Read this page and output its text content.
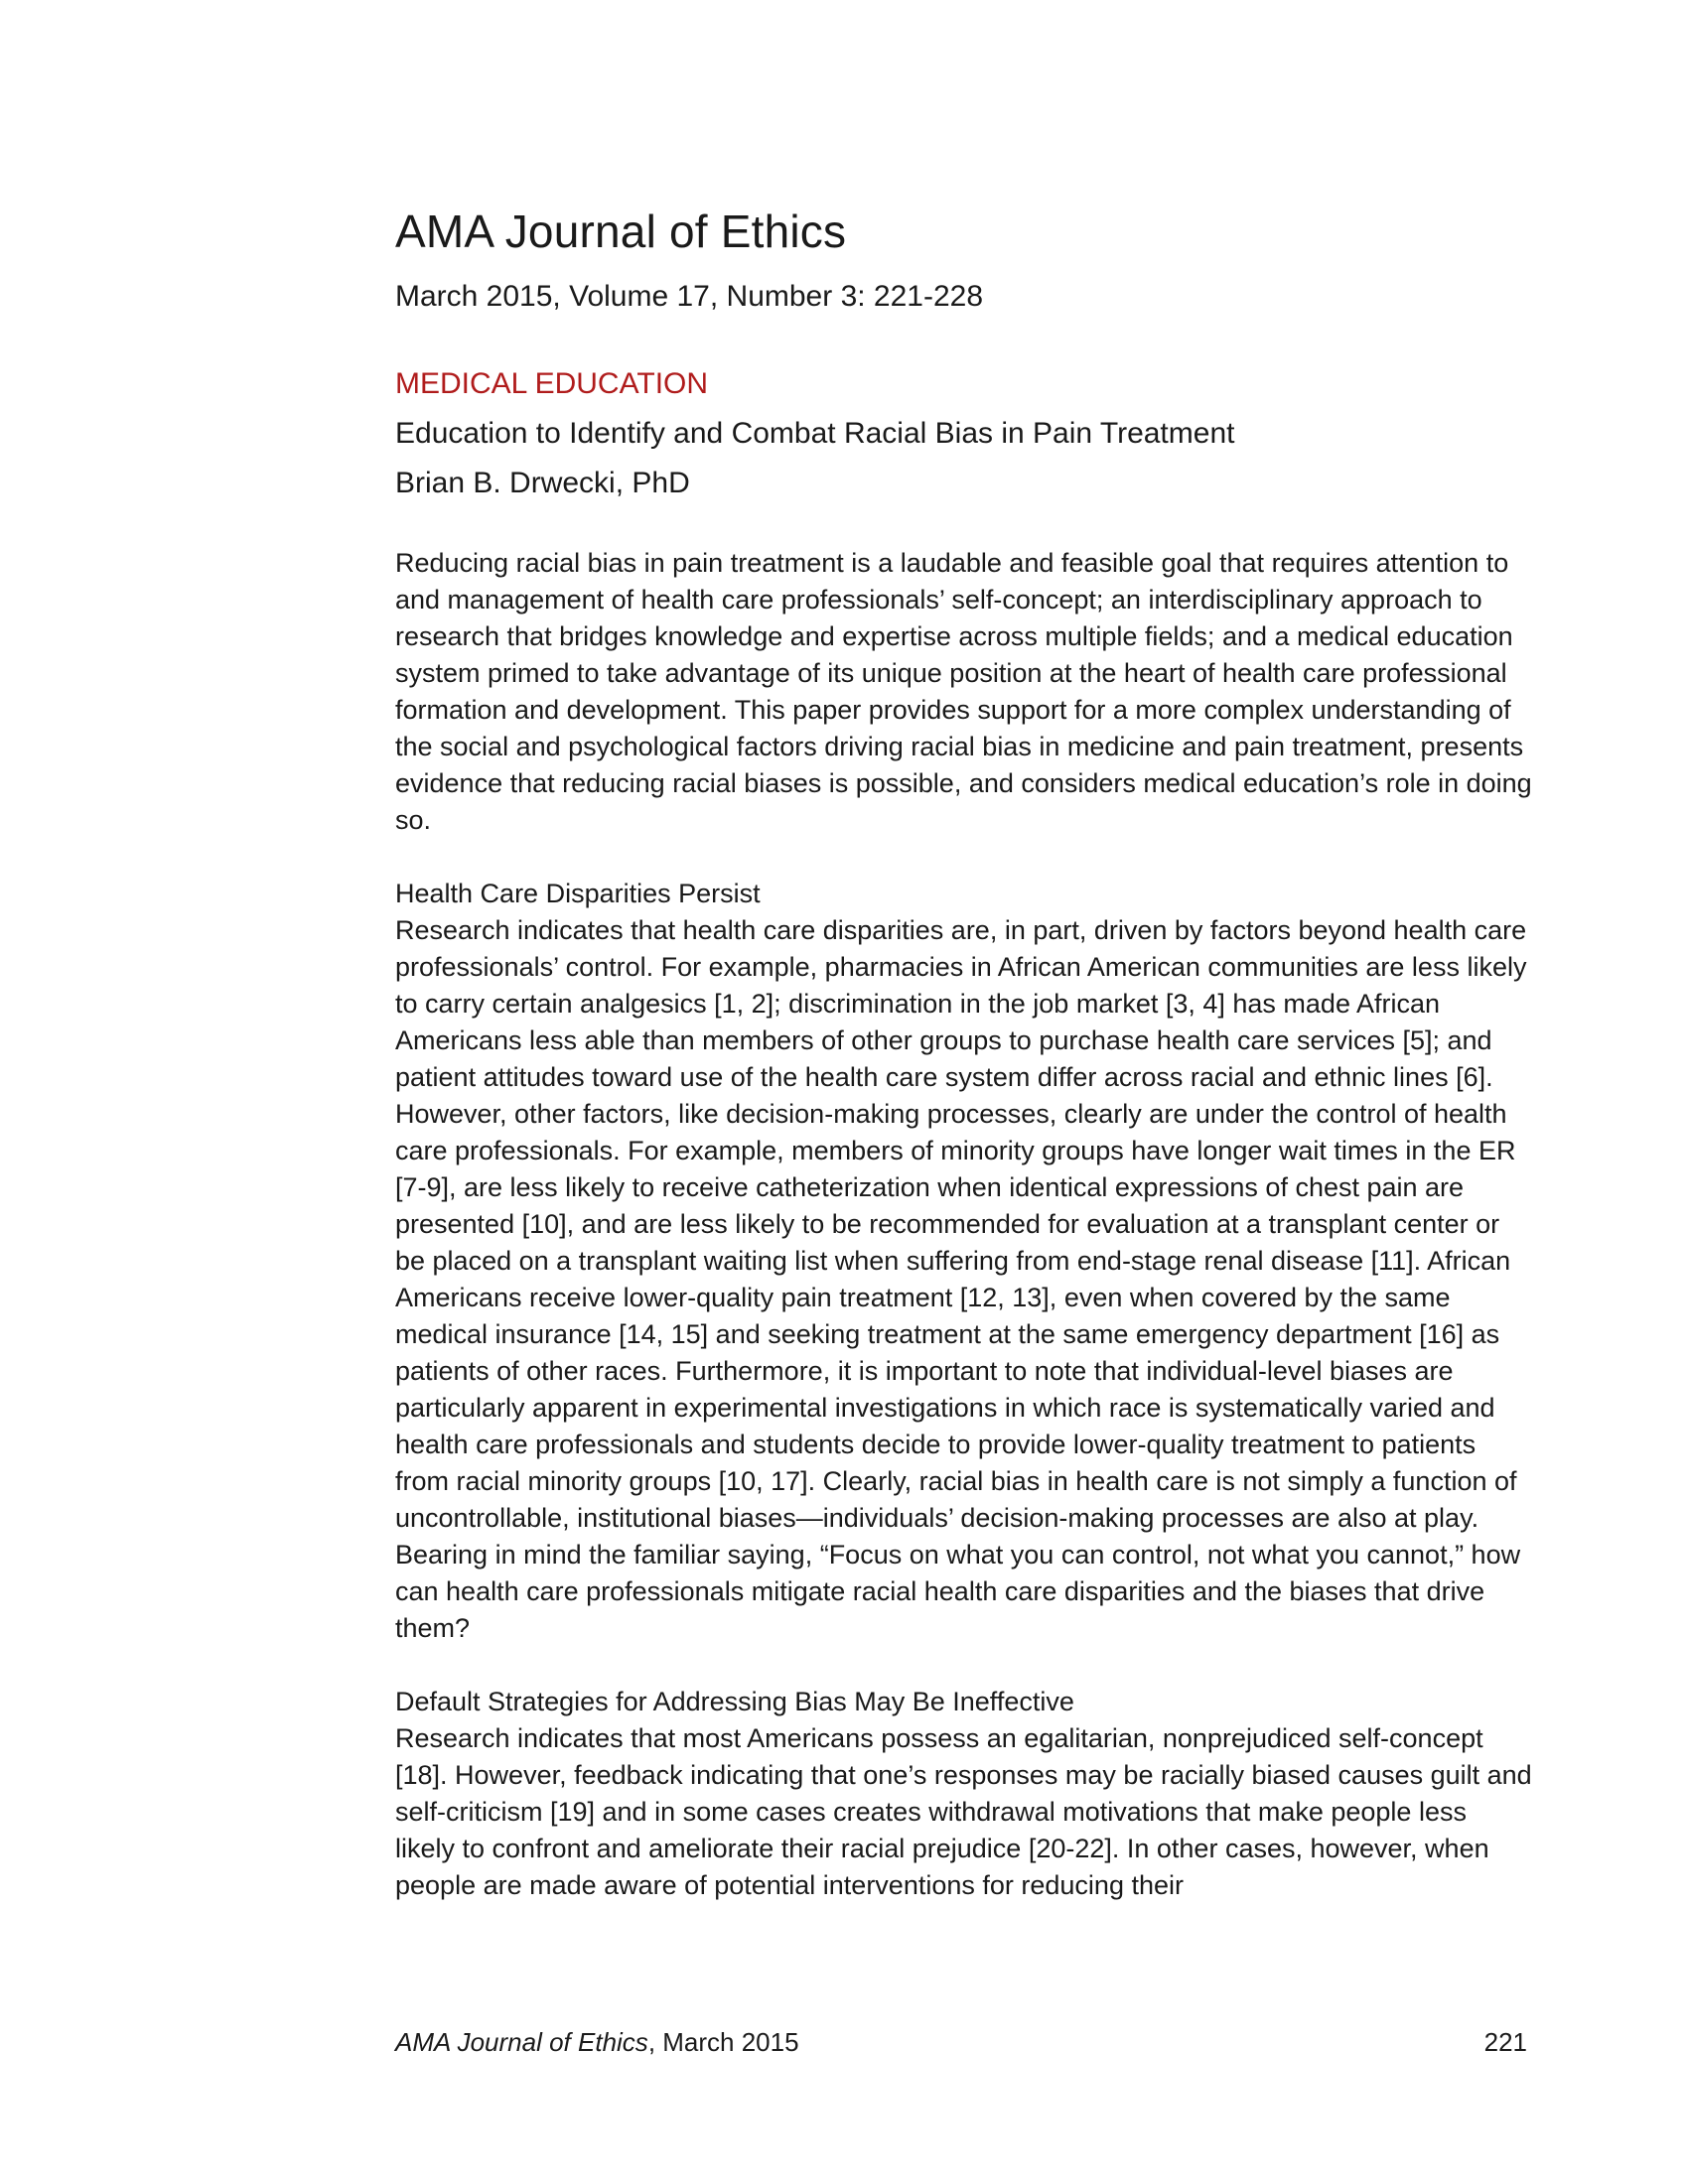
AMA Journal of Ethics
March 2015, Volume 17, Number 3: 221-228
MEDICAL EDUCATION
Education to Identify and Combat Racial Bias in Pain Treatment
Brian B. Drwecki, PhD

Reducing racial bias in pain treatment is a laudable and feasible goal that requires attention to and management of health care professionals’ self-concept; an interdisciplinary approach to research that bridges knowledge and expertise across multiple fields; and a medical education system primed to take advantage of its unique position at the heart of health care professional formation and development. This paper provides support for a more complex understanding of the social and psychological factors driving racial bias in medicine and pain treatment, presents evidence that reducing racial biases is possible, and considers medical education’s role in doing so.

Health Care Disparities Persist

Research indicates that health care disparities are, in part, driven by factors beyond health care professionals’ control. For example, pharmacies in African American communities are less likely to carry certain analgesics [1, 2]; discrimination in the job market [3, 4] has made African Americans less able than members of other groups to purchase health care services [5]; and patient attitudes toward use of the health care system differ across racial and ethnic lines [6]. However, other factors, like decision-making processes, clearly are under the control of health care professionals. For example, members of minority groups have longer wait times in the ER [7-9], are less likely to receive catheterization when identical expressions of chest pain are presented [10], and are less likely to be recommended for evaluation at a transplant center or be placed on a transplant waiting list when suffering from end-stage renal disease [11]. African Americans receive lower-quality pain treatment [12, 13], even when covered by the same medical insurance [14, 15] and seeking treatment at the same emergency department [16] as patients of other races. Furthermore, it is important to note that individual-level biases are particularly apparent in experimental investigations in which race is systematically varied and health care professionals and students decide to provide lower-quality treatment to patients from racial minority groups [10, 17]. Clearly, racial bias in health care is not simply a function of uncontrollable, institutional biases—individuals’ decision-making processes are also at play. Bearing in mind the familiar saying, “Focus on what you can control, not what you cannot,” how can health care professionals mitigate racial health care disparities and the biases that drive them?

Default Strategies for Addressing Bias May Be Ineffective

Research indicates that most Americans possess an egalitarian, nonprejudiced self-concept [18]. However, feedback indicating that one’s responses may be racially biased causes guilt and self-criticism [19] and in some cases creates withdrawal motivations that make people less likely to confront and ameliorate their racial prejudice [20-22]. In other cases, however, when people are made aware of potential interventions for reducing their

AMA Journal of Ethics, March 2015	221
